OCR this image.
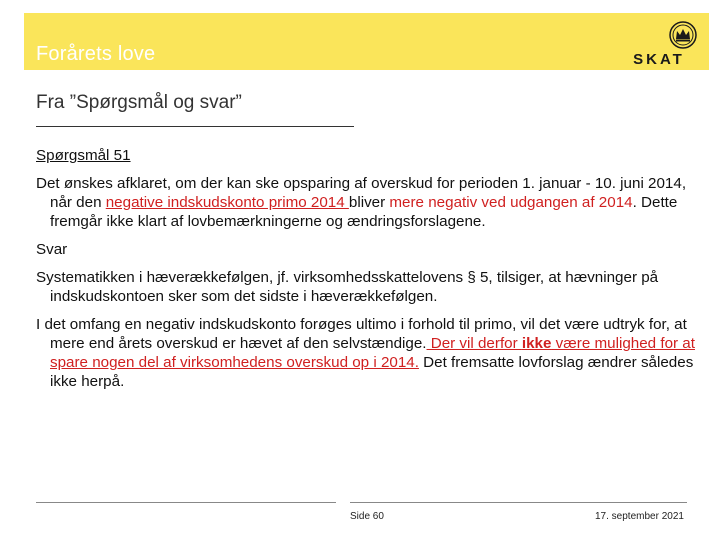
Forårets love	SKAT
Fra ”Spørgsmål og svar”

Spørgsmål 51

Det ønskes afklaret, om der kan ske opsparing af overskud for perioden 1. januar - 10. juni 2014, når den negative indskudskonto primo 2014 bliver mere negativ ved udgangen af 2014. Dette fremgår ikke klart af lovbemærkningerne og ændringsforslagene.

Svar

Systematikken i hæverækkefølgen, jf. virksomhedsskattelovens § 5, tilsiger, at hævninger på indskudskontoen sker som det sidste i hæverækkefølgen.

I det omfang en negativ indskudskonto forøges ultimo i forhold til primo, vil det være udtryk for, at mere end årets overskud er hævet af den selvstændige. Der vil derfor ikke være mulighed for at spare nogen del af virksomhedens overskud op i 2014. Det fremsatte lovforslag ændrer således ikke herpå.

Side 60	17. september 2021
